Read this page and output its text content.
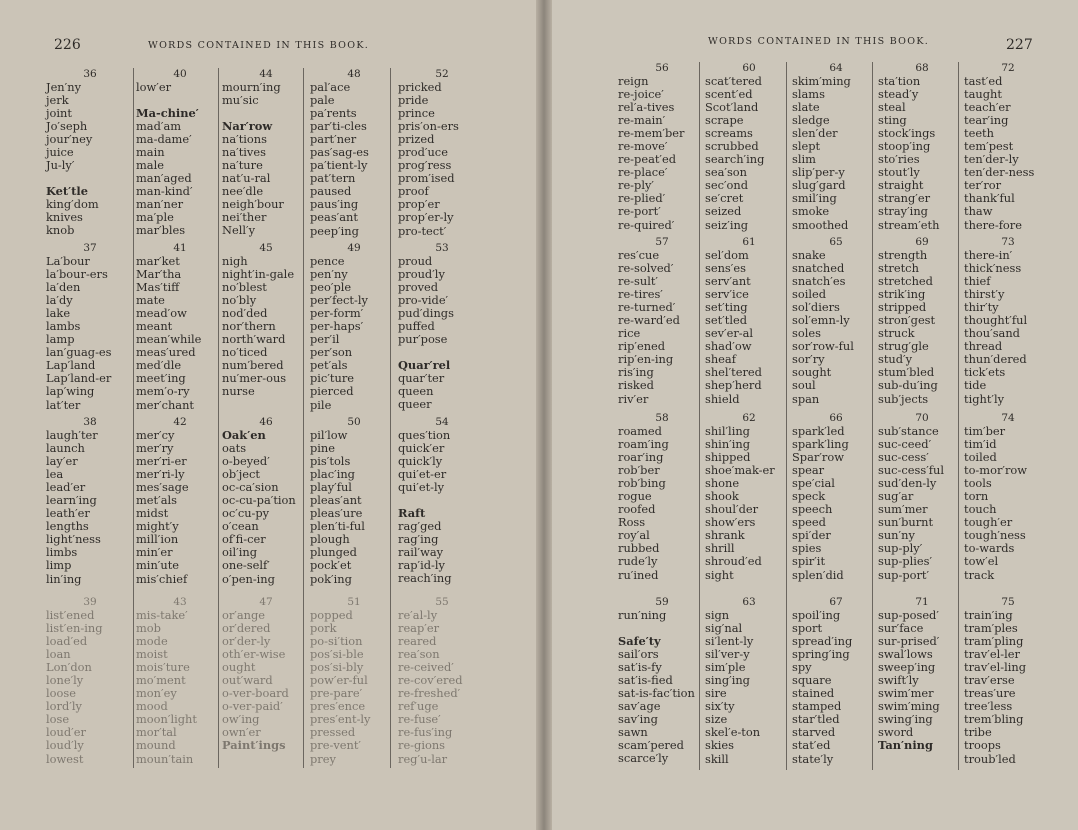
226	WORDS CONTAINED IN THIS BOOK.
36
Jen′ny
jerk
joint
Jo′seph
jour′ney
juice
Ju-ly′
Ket′tle
king′dom
knives
knob
40
low′er
Ma-chine′
mad′am
ma-dame′
main
male
man′aged
man-kind′
man′ner
ma′ple
mar′bles
44
mourn′ing
mu′sic
Nar′row
na′tions
na′tives
na′ture
nat′u-ral
nee′dle
neigh′bour
nei′ther
Nell′y
48
pal′ace
pale
pa′rents
par′ti-cles
part′ner
pas′sag-es
pa′tient-ly
pat′tern
paused
paus′ing
peas′ant
peep′ing
52
pricked
pride
prince
pris′on-ers
prized
prod′uce
prog′ress
prom′ised
proof
prop′er
prop′er-ly
pro-tect′
37
La′bour
la′bour-ers
la′den
la′dy
lake
lambs
lamp
lan′guag-es
Lap′land
Lap′land-er
lap′wing
lat′ter
41
mar′ket
Mar′tha
Mas′tiff
mate
mead′ow
meant
mean′while
meas′ured
med′dle
meet′ing
mem′o-ry
mer′chant
45
nigh
night′in-gale
no′blest
no′bly
nod′ded
nor′thern
north′ward
no′ticed
num′bered
nu′mer-ous
nurse
49
pence
pen′ny
peo′ple
per′fect-ly
per-form′
per-haps′
per′il
per′son
pet′als
pic′ture
pierced
pile
53
proud
proud′ly
proved
pro-vide′
pud′dings
puffed
pur′pose
Quar′rel
quar′ter
queen
queer
38
laugh′ter
launch
lay′er
lea
lead′er
learn′ing
leath′er
lengths
light′ness
limbs
limp
lin′ing
42
mer′cy
mer′ry
mer′ri-er
mer′ri-ly
mes′sage
met′als
midst
might′y
mill′ion
min′er
min′ute
mis′chief
46
Oak′en
oats
o-beyed′
ob′ject
oc-ca′sion
oc-cu-pa′tion
oc′cu-py
o′cean
of′fi-cer
oil′ing
one-self′
o′pen-ing
50
pil′low
pine
pis′tols
plac′ing
play′ful
pleas′ant
pleas′ure
plen′ti-ful
plough
plunged
pock′et
pok′ing
54
ques′tion
quick′er
quick′ly
qui′et-er
qui′et-ly
Raft
rag′ged
rag′ing
rail′way
rap′id-ly
reach′ing
39
list′ened
list′en-ing
load′ed
loan
Lon′don
lone′ly
loose
lord′ly
lose
loud′er
loud′ly
lowest
43
mis-take′
mob
mode
moist
mois′ture
mo′ment
mon′ey
mood
moon′light
mor′tal
mound
moun′tain
47
or′ange
or′dered
or′der-ly
oth′er-wise
ought
out′ward
o-ver-board
o-ver-paid′
ow′ing
own′er
Paint′ings
51
popped
pork
po-si′tion
pos′si-ble
pos′si-bly
pow′er-ful
pre-pare′
pres′ence
pres′ent-ly
pressed
pre-vent′
prey
55
re′al-ly
reap′er
reared
rea′son
re-ceived′
re-cov′ered
re-freshed′
ref′uge
re-fuse′
re-fus′ing
re-gions
reg′u-lar
227
WORDS CONTAINED IN THIS BOOK.
56
reign
re-joice′
rel′a-tives
re-main′
re-mem′ber
re-move′
re-peat′ed
re-place′
re-ply′
re-plied′
re-port′
re-quired′
60
scat′tered
scent′ed
Scot′land
scrape
screams
scrubbed
search′ing
sea′son
sec′ond
se′cret
seized
seiz′ing
64
skim′ming
slams
slate
sledge
slen′der
slept
slim
slip′per-y
slug′gard
smil′ing
smoke
smoothed
68
sta′tion
stead′y
steal
sting
stock′ings
stoop′ing
sto′ries
stout′ly
straight
strang′er
stray′ing
stream′eth
72
tast′ed
taught
teach′er
tear′ing
teeth
tem′pest
ten′der-ly
ten′der-ness
ter′ror
thank′ful
thaw
there-fore
57
res′cue
re-solved′
re-sult′
re-tires′
re-turned′
re-ward′ed
rice
rip′ened
rip′en-ing
ris′ing
risked
riv′er
61
sel′dom
sens′es
serv′ant
serv′ice
set′ting
set′tled
sev′er-al
shad′ow
sheaf
shel′tered
shep′herd
shield
65
snake
snatched
snatch′es
soiled
sol′diers
sol′emn-ly
soles
sor′row-ful
sor′ry
sought
soul
span
69
strength
stretch
stretched
strik′ing
stripped
stron′gest
struck
strug′gle
stud′y
stum′bled
sub-du′ing
sub′jects
73
there-in′
thick′ness
thief
thirst′y
thir′ty
thought′ful
thou′sand
thread
thun′dered
tick′ets
tide
tight′ly
58
roamed
roam′ing
roar′ing
rob′ber
rob′bing
rogue
roofed
Ross
roy′al
rubbed
rude′ly
ru′ined
62
shil′ling
shin′ing
shipped
shoe′mak-er
shone
shook
shoul′der
show′ers
shrank
shrill
shroud′ed
sight
66
spark′led
spark′ling
Spar′row
spear
spe′cial
speck
speech
speed
spi′der
spies
spir′it
splen′did
70
sub′stance
suc-ceed′
suc-cess′
suc-cess′ful
sud′den-ly
sug′ar
sum′mer
sun′burnt
sun′ny
sup-ply′
sup-plies′
sup-port′
74
tim′ber
tim′id
toiled
to-mor′row
tools
torn
touch
tough′er
tough′ness
to-wards
tow′el
track
59
run′ning
Safe′ty
sail′ors
sat′is-fy
sat′is-fied
sat-is-fac′tion
sav′age
sav′ing
sawn
scam′pered
scarce′ly
63
sign
sig′nal
si′lent-ly
sil′ver-y
sim′ple
sing′ing
sire
six′ty
size
skel′e-ton
skies
skill
67
spoil′ing
sport
spread′ing
spring′ing
spy
square
stained
stamped
star′tled
starved
stat′ed
state′ly
71
sup-posed′
sur′face
sur-prised′
swal′lows
sweep′ing
swift′ly
swim′mer
swim′ming
swing′ing
sword
Tan′ning
75
train′ing
tram′ples
tram′pling
trav′el-ler
trav′el-ling
trav′erse
treas′ure
tree′less
trem′bling
tribe
troops
troub′led
